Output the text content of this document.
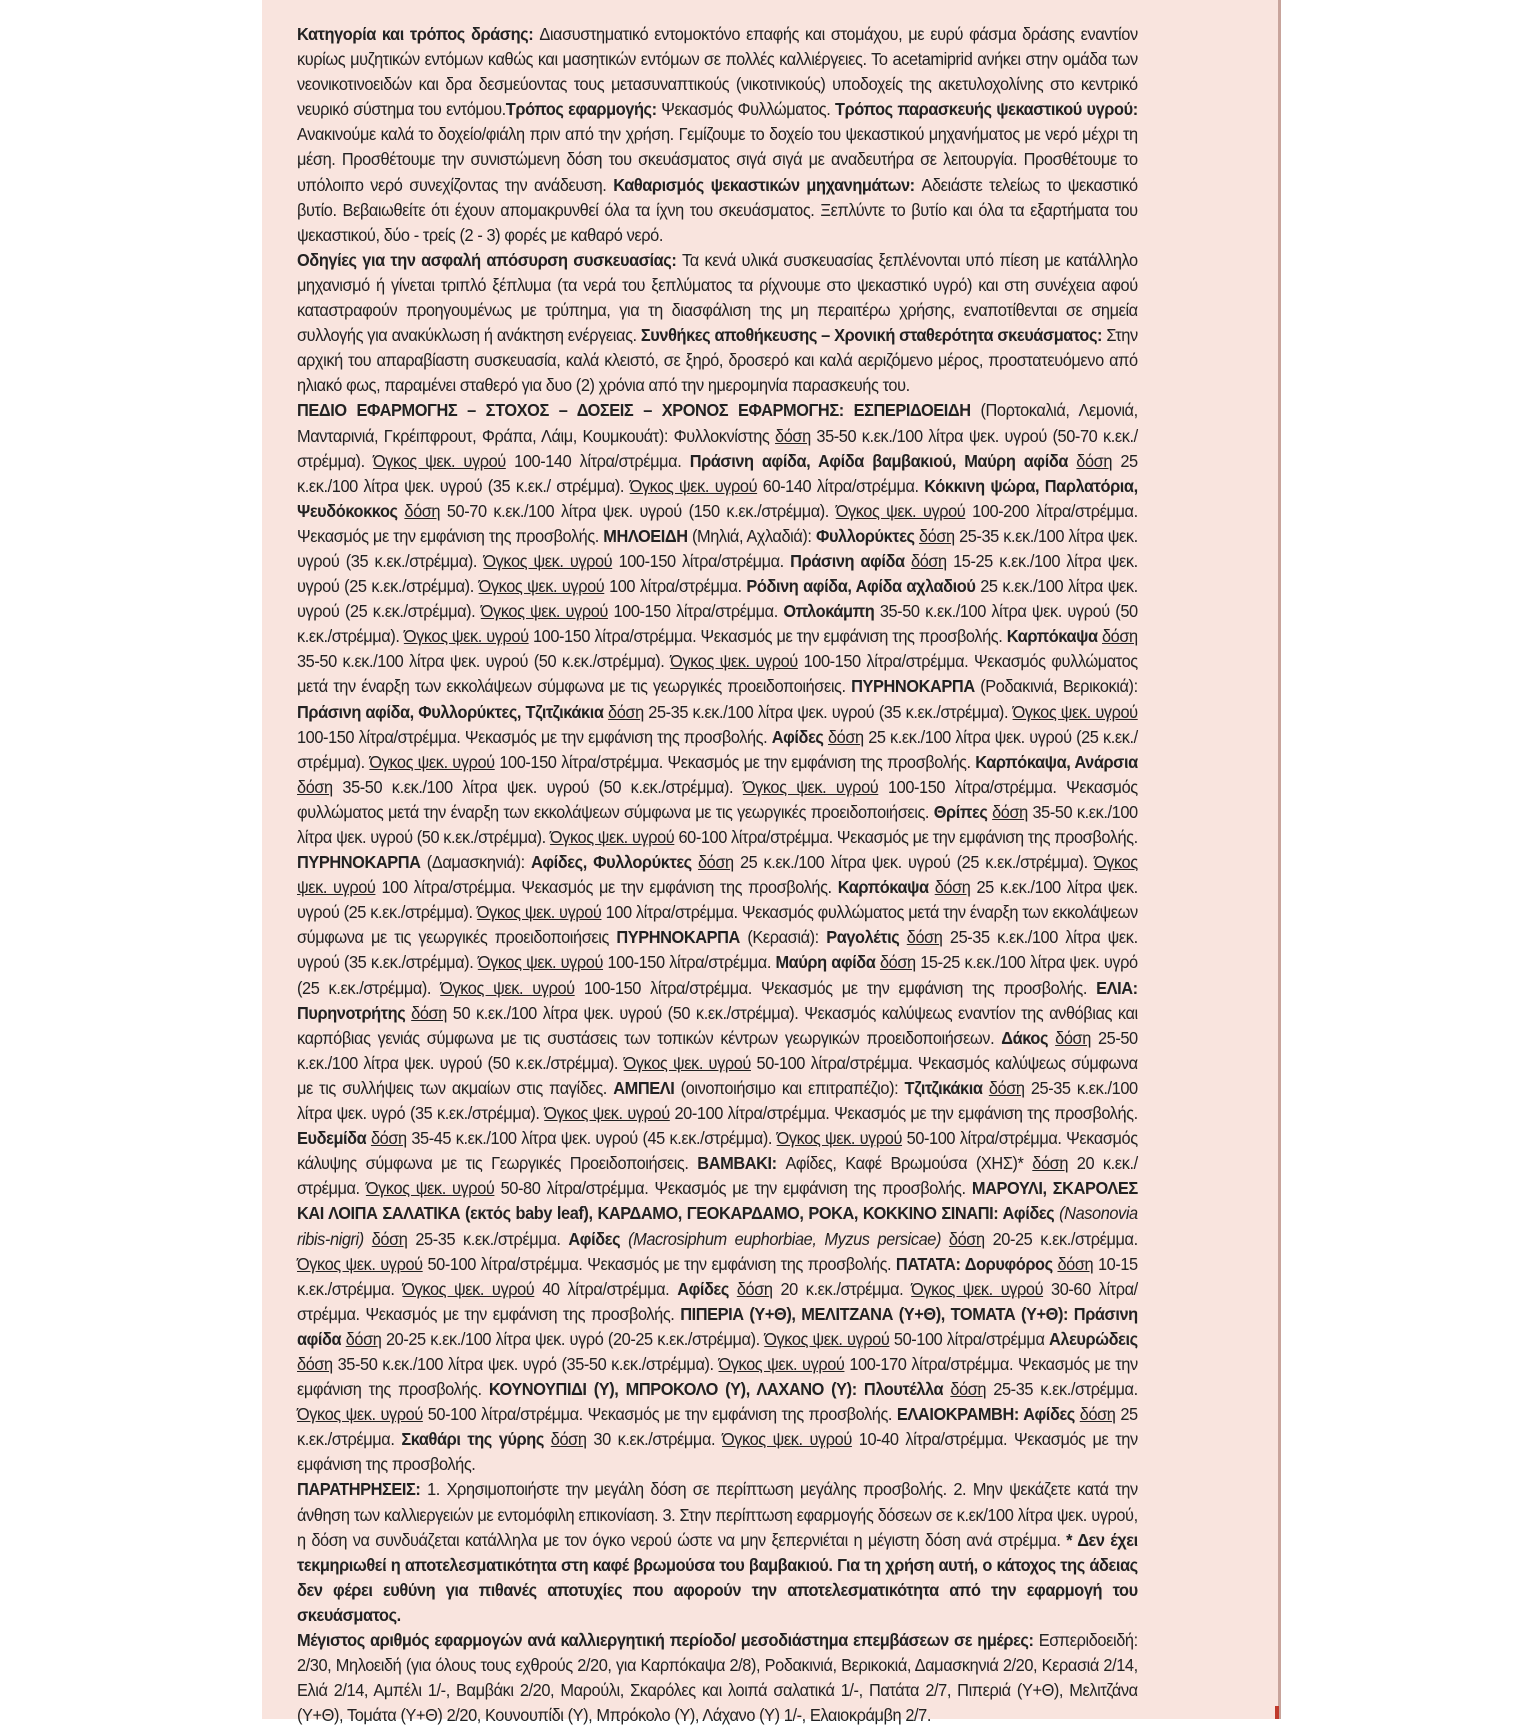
Κατηγορία και τρόπος δράσης: Διασυστηματικό εντομοκτόνο επαφής και στομάχου, με ευρύ φάσμα δράσης εναντίον κυρίως μυζητικών εντόμων καθώς και μασητικών εντόμων σε πολλές καλλιέργειες. Το acetamiprid ανήκει στην ομάδα των νεονικοτινοειδών και δρα δεσμεύοντας τους μετασυναπτικούς (νικοτινικούς) υποδοχείς της ακετυλοχολίνης στο κεντρικό νευρικό σύστημα του εντόμου.Τρόπος εφαρμογής: Ψεκασμός Φυλλώματος. Τρόπος παρασκευής ψεκαστικού υγρού: Ανακινούμε καλά το δοχείο/φιάλη πριν από την χρήση. Γεμίζουμε το δοχείο του ψεκαστικού μηχανήματος με νερό μέχρι τη μέση. Προσθέτουμε την συνιστώμενη δόση του σκευάσματος σιγά σιγά με αναδευτήρα σε λειτουργία. Προσθέτουμε το υπόλοιπο νερό συνεχίζοντας την ανάδευση. Καθαρισμός ψεκαστικών μηχανημάτων: Αδειάστε τελείως το ψεκαστικό βυτίο. Βεβαιωθείτε ότι έχουν απομακρυνθεί όλα τα ίχνη του σκευάσματος. Ξεπλύντε το βυτίο και όλα τα εξαρτήματα του ψεκαστικού, δύο - τρείς (2 - 3) φορές με καθαρό νερό.
Οδηγίες για την ασφαλή απόσυρση συσκευασίας: Τα κενά υλικά συσκευασίας ξεπλένονται υπό πίεση με κατάλληλο μηχανισμό ή γίνεται τριπλό ξέπλυμα (τα νερά του ξεπλύματος τα ρίχνουμε στο ψεκαστικό υγρό) και στη συνέχεια αφού καταστραφούν προηγουμένως με τρύπημα, για τη διασφάλιση της μη περαιτέρω χρήσης, εναποτίθενται σε σημεία συλλογής για ανακύκλωση ή ανάκτηση ενέργειας. Συνθήκες αποθήκευσης – Χρονική σταθερότητα σκευάσματος: Στην αρχική του απαραβίαστη συσκευασία, καλά κλειστό, σε ξηρό, δροσερό και καλά αεριζόμενο μέρος, προστατευόμενο από ηλιακό φως, παραμένει σταθερό για δυο (2) χρόνια από την ημερομηνία παρασκευής του.
ΠΕΔΙΟ ΕΦΑΡΜΟΓΗΣ – ΣΤΟΧΟΣ – ΔΟΣΕΙΣ – ΧΡΟΝΟΣ ΕΦΑΡΜΟΓΗΣ: ΕΣΠΕΡΙΔΟΕΙΔΗ (Πορτοκαλιά, Λεμονιά, Μανταρινιά, Γκρέιπφρουτ, Φράπα, Λάιμ, Κουμκουάτ): Φυλλοκνίστης δόση 35-50 κ.εκ./100 λίτρα ψεκ. υγρού (50-70 κ.εκ./στρέμμα). Όγκος ψεκ. υγρού 100-140 λίτρα/στρέμμα. Πράσινη αφίδα, Αφίδα βαμβακιού, Μαύρη αφίδα δόση 25 κ.εκ./100 λίτρα ψεκ. υγρού (35 κ.εκ./ στρέμμα). Όγκος ψεκ. υγρού 60-140 λίτρα/στρέμμα. Κόκκινη ψώρα, Παρλατόρια, Ψευδόκοκκος δόση 50-70 κ.εκ./100 λίτρα ψεκ. υγρού (150 κ.εκ./στρέμμα). Όγκος ψεκ. υγρού 100-200 λίτρα/στρέμμα. Ψεκασμός με την εμφάνιση της προσβολής. ΜΗΛΟΕΙΔΗ (Μηλιά, Αχλαδιά): Φυλλορύκτες δόση 25-35 κ.εκ./100 λίτρα ψεκ. υγρού (35 κ.εκ./στρέμμα). Όγκος ψεκ. υγρού 100-150 λίτρα/στρέμμα. Πράσινη αφίδα δόση 15-25 κ.εκ./100 λίτρα ψεκ. υγρού (25 κ.εκ./στρέμμα). Όγκος ψεκ. υγρού 100 λίτρα/στρέμμα. Ρόδινη αφίδα, Αφίδα αχλαδιού 25 κ.εκ./100 λίτρα ψεκ. υγρού (25 κ.εκ./στρέμμα). Όγκος ψεκ. υγρού 100-150 λίτρα/στρέμμα. Οπλοκάμπη 35-50 κ.εκ./100 λίτρα ψεκ. υγρού (50 κ.εκ./στρέμμα). Όγκος ψεκ. υγρού 100-150 λίτρα/στρέμμα. Ψεκασμός με την εμφάνιση της προσβολής. Καρπόκαψα δόση 35-50 κ.εκ./100 λίτρα ψεκ. υγρού (50 κ.εκ./στρέμμα). Όγκος ψεκ. υγρού 100-150 λίτρα/στρέμμα. Ψεκασμός φυλλώματος μετά την έναρξη των εκκολάψεων σύμφωνα με τις γεωργικές προειδοποιήσεις. ΠΥΡΗΝΟΚΑΡΠΑ (Ροδακινιά, Βερικοκιά): Πράσινη αφίδα, Φυλλορύκτες, Τζιτζικάκια δόση 25-35 κ.εκ./100 λίτρα ψεκ. υγρού (35 κ.εκ./στρέμμα). Όγκος ψεκ. υγρού 100-150 λίτρα/στρέμμα. Ψεκασμός με την εμφάνιση της προσβολής. Αφίδες δόση 25 κ.εκ./100 λίτρα ψεκ. υγρού (25 κ.εκ./στρέμμα). Όγκος ψεκ. υγρού 100-150 λίτρα/στρέμμα. Ψεκασμός με την εμφάνιση της προσβολής. Καρπόκαψα, Ανάρσια δόση 35-50 κ.εκ./100 λίτρα ψεκ. υγρού (50 κ.εκ./στρέμμα). Όγκος ψεκ. υγρού 100-150 λίτρα/στρέμμα. Ψεκασμός φυλλώματος μετά την έναρξη των εκκολάψεων σύμφωνα με τις γεωργικές προειδοποιήσεις. Θρίπες δόση 35-50 κ.εκ./100 λίτρα ψεκ. υγρού (50 κ.εκ./στρέμμα). Όγκος ψεκ. υγρού 60-100 λίτρα/στρέμμα. Ψεκασμός με την εμφάνιση της προσβολής. ΠΥΡΗΝΟΚΑΡΠΑ (Δαμασκηνιά): Αφίδες, Φυλλορύκτες δόση 25 κ.εκ./100 λίτρα ψεκ. υγρού (25 κ.εκ./στρέμμα). Όγκος ψεκ. υγρού 100 λίτρα/στρέμμα. Ψεκασμός με την εμφάνιση της προσβολής. Καρπόκαψα δόση 25 κ.εκ./100 λίτρα ψεκ. υγρού (25 κ.εκ./στρέμμα). Όγκος ψεκ. υγρού 100 λίτρα/στρέμμα. Ψεκασμός φυλλώματος μετά την έναρξη των εκκολάψεων σύμφωνα με τις γεωργικές προειδοποιήσεις ΠΥΡΗΝΟΚΑΡΠΑ (Κερασιά): Ραγολέτις δόση 25-35 κ.εκ./100 λίτρα ψεκ. υγρού (35 κ.εκ./στρέμμα). Όγκος ψεκ. υγρού 100-150 λίτρα/στρέμμα. Μαύρη αφίδα δόση 15-25 κ.εκ./100 λίτρα ψεκ. υγρό (25 κ.εκ./στρέμμα). Όγκος ψεκ. υγρού 100-150 λίτρα/στρέμμα. Ψεκασμός με την εμφάνιση της προσβολής. ΕΛΙΑ: Πυρηνοτρήτης δόση 50 κ.εκ./100 λίτρα ψεκ. υγρού (50 κ.εκ./στρέμμα). Ψεκασμός καλύψεως εναντίον της ανθόβιας και καρπόβιας γενιάς σύμφωνα με τις συστάσεις των τοπικών κέντρων γεωργικών προειδοποιήσεων. Δάκος δόση 25-50 κ.εκ./100 λίτρα ψεκ. υγρού (50 κ.εκ./στρέμμα). Όγκος ψεκ. υγρού 50-100 λίτρα/στρέμμα. Ψεκασμός καλύψεως σύμφωνα με τις συλλήψεις των ακμαίων στις παγίδες. ΑΜΠΕΛΙ (οινοποιήσιμο και επιτραπέζιο): Τζιτζικάκια δόση 25-35 κ.εκ./100 λίτρα ψεκ. υγρό (35 κ.εκ./στρέμμα). Όγκος ψεκ. υγρού 20-100 λίτρα/στρέμμα. Ψεκασμός με την εμφάνιση της προσβολής. Ευδεμίδα δόση 35-45 κ.εκ./100 λίτρα ψεκ. υγρού (45 κ.εκ./στρέμμα). Όγκος ψεκ. υγρού 50-100 λίτρα/στρέμμα. Ψεκασμός κάλυψης σύμφωνα με τις Γεωργικές Προειδοποιήσεις. ΒΑΜΒΑΚΙ: Αφίδες, Καφέ Βρωμούσα (ΧΗΣ)* δόση 20 κ.εκ./στρέμμα. Όγκος ψεκ. υγρού 50-80 λίτρα/στρέμμα. Ψεκασμός με την εμφάνιση της προσβολής. ΜΑΡΟΥΛΙ, ΣΚΑΡΟΛΕΣ ΚΑΙ ΛΟΙΠΑ ΣΑΛΑΤΙΚΑ (εκτός baby leaf), ΚΑΡΔΑΜΟ, ΓΕΟΚΑΡΔΑΜΟ, ΡΟΚΑ, ΚΟΚΚΙΝΟ ΣΙΝΑΠΙ: Αφίδες (Nasonovia ribis-nigri) δόση 25-35 κ.εκ./στρέμμα. Αφίδες (Macrosiphum euphorbiae, Myzus persicae) δόση 20-25 κ.εκ./στρέμμα. Όγκος ψεκ. υγρού 50-100 λίτρα/στρέμμα. Ψεκασμός με την εμφάνιση της προσβολής. ΠΑΤΑΤΑ: Δορυφόρος δόση 10-15 κ.εκ./στρέμμα. Όγκος ψεκ. υγρού 40 λίτρα/στρέμμα. Αφίδες δόση 20 κ.εκ./στρέμμα. Όγκος ψεκ. υγρού 30-60 λίτρα/στρέμμα. Ψεκασμός με την εμφάνιση της προσβολής. ΠΙΠΕΡΙΑ (Υ+Θ), ΜΕΛΙΤΖΑΝΑ (Υ+Θ), ΤΟΜΑΤΑ (Υ+Θ): Πράσινη αφίδα δόση 20-25 κ.εκ./100 λίτρα ψεκ. υγρό (20-25 κ.εκ./στρέμμα). Όγκος ψεκ. υγρού 50-100 λίτρα/στρέμμα Αλευρώδεις δόση 35-50 κ.εκ./100 λίτρα ψεκ. υγρό (35-50 κ.εκ./στρέμμα). Όγκος ψεκ. υγρού 100-170 λίτρα/στρέμμα. Ψεκασμός με την εμφάνιση της προσβολής. ΚΟΥΝΟΥΠΙΔΙ (Υ), ΜΠΡΟΚΟΛΟ (Υ), ΛΑΧΑΝΟ (Υ): Πλουτέλλα δόση 25-35 κ.εκ./στρέμμα. Όγκος ψεκ. υγρού 50-100 λίτρα/στρέμμα. Ψεκασμός με την εμφάνιση της προσβολής. ΕΛΑΙΟΚΡΑΜΒΗ: Αφίδες δόση 25 κ.εκ./στρέμμα. Σκαθάρι της γύρης δόση 30 κ.εκ./στρέμμα. Όγκος ψεκ. υγρού 10-40 λίτρα/στρέμμα. Ψεκασμός με την εμφάνιση της προσβολής.
ΠΑΡΑΤΗΡΗΣΕΙΣ: 1. Χρησιμοποιήστε την μεγάλη δόση σε περίπτωση μεγάλης προσβολής. 2. Μην ψεκάζετε κατά την άνθηση των καλλιεργειών με εντομόφιλη επικονίαση. 3. Στην περίπτωση εφαρμογής δόσεων σε κ.εκ/100 λίτρα ψεκ. υγρού, η δόση να συνδυάζεται κατάλληλα με τον όγκο νερού ώστε να μην ξεπερνιέται η μέγιστη δόση ανά στρέμμα. * Δεν έχει τεκμηριωθεί η αποτελεσματικότητα στη καφέ βρωμούσα του βαμβακιού. Για τη χρήση αυτή, ο κάτοχος της άδειας δεν φέρει ευθύνη για πιθανές αποτυχίες που αφορούν την αποτελεσματικότητα από την εφαρμογή του σκευάσματος.
Μέγιστος αριθμός εφαρμογών ανά καλλιεργητική περίοδο/ μεσοδιάστημα επεμβάσεων σε ημέρες: Εσπεριδοειδή: 2/30, Μηλοειδή (για όλους τους εχθρούς 2/20, για Καρπόκαψα 2/8), Ροδακινιά, Βερικοκιά, Δαμασκηνιά 2/20, Κερασιά 2/14, Ελιά 2/14, Αμπέλι 1/-, Βαμβάκι 2/20, Μαρούλι, Σκαρόλες και λοιπά σαλατικά 1/-, Πατάτα 2/7, Πιπεριά (Υ+Θ), Μελιτζάνα (Υ+Θ), Τομάτα (Υ+Θ) 2/20, Κουνουπίδι (Υ), Μπρόκολο (Υ), Λάχανο (Υ) 1/-, Ελαιοκράμβη 2/7.
